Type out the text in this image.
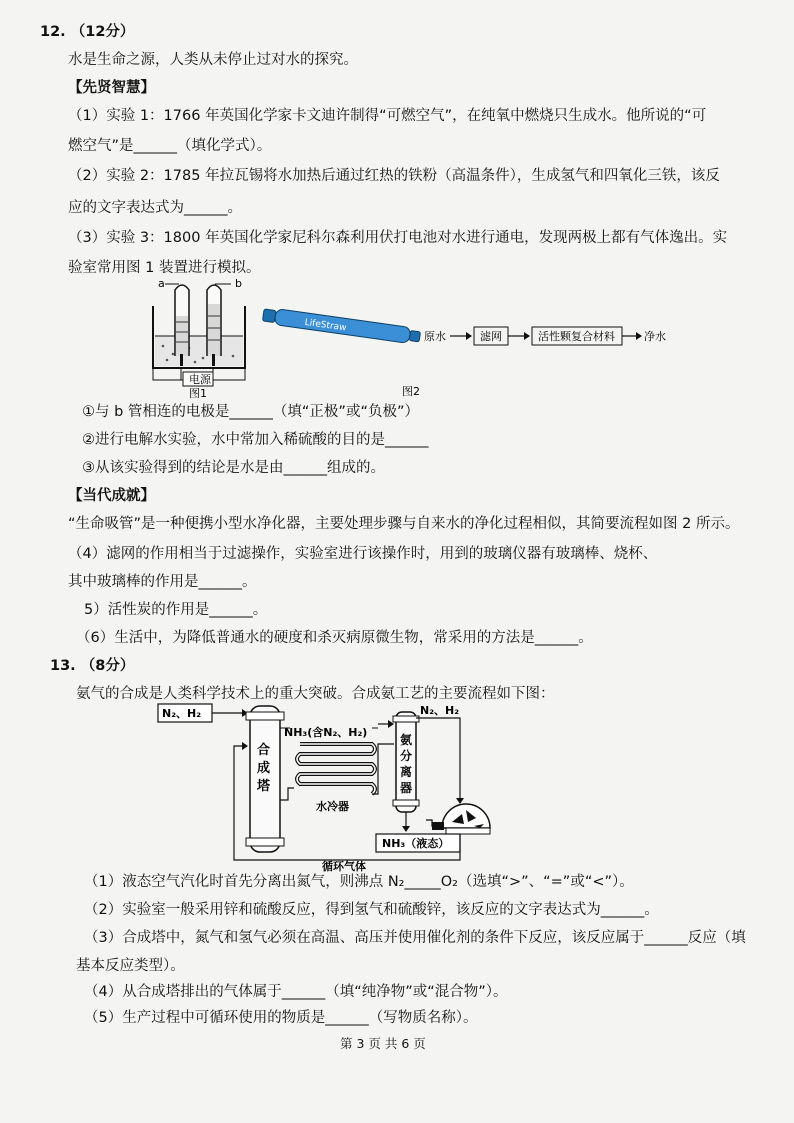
12. （12分）
水是生命之源，人类从未停止过对水的探究。
【先贤智慧】
（1）实验 1：1766 年英国化学家卡文迪许制得“可燃空气”，在纯氧中燃烧只生成水。他所说的“可
燃空气”是______（填化学式）。
（2）实验 2：1785 年拉瓦锡将水加热后通过红热的铁粉（高温条件），生成氢气和四氧化三铁，该反
应的文字表达式为______。
（3）实验 3：1800 年英国化学家尼科尔森利用伏打电池对水进行通电，发现两极上都有气体逸出。实
验室常用图 1 装置进行模拟。
a	b
电源
图1
LifeStraw
原水	滤网	活性颗复合材料	净水
图2
①与 b 管相连的电极是______（填“正极”或“负极”）
②进行电解水实验，水中常加入稀硫酸的目的是______
③从该实验得到的结论是水是由______组成的。
【当代成就】
“生命吸管”是一种便携小型水净化器，主要处理步骤与自来水的净化过程相似，其简要流程如图 2 所示。
（4）滤网的作用相当于过滤操作，实验室进行该操作时，用到的玻璃仪器有玻璃棒、烧杯、
其中玻璃棒的作用是______。
5）活性炭的作用是______。
（6）生活中，为降低普通水的硬度和杀灭病原微生物，常采用的方法是______。
13. （8分）
氨气的合成是人类科学技术上的重大突破。合成氨工艺的主要流程如下图：
N₂、H₂
合
成
塔
NH₃(含N₂、H₂)
水冷器
氨
分
离
器
N₂、H₂
NH₃（液态）
循环气体
（1）液态空气汽化时首先分离出氮气，则沸点 N₂_____O₂（选填“>”、“=”或“<”）。
（2）实验室一般采用锌和硫酸反应，得到氢气和硫酸锌，该反应的文字表达式为______。
（3）合成塔中，氮气和氢气必须在高温、高压并使用催化剂的条件下反应，该反应属于______反应（填
基本反应类型）。
（4）从合成塔排出的气体属于______（填“纯净物”或“混合物”）。
（5）生产过程中可循环使用的物质是______（写物质名称）。
第 3 页 共 6 页
